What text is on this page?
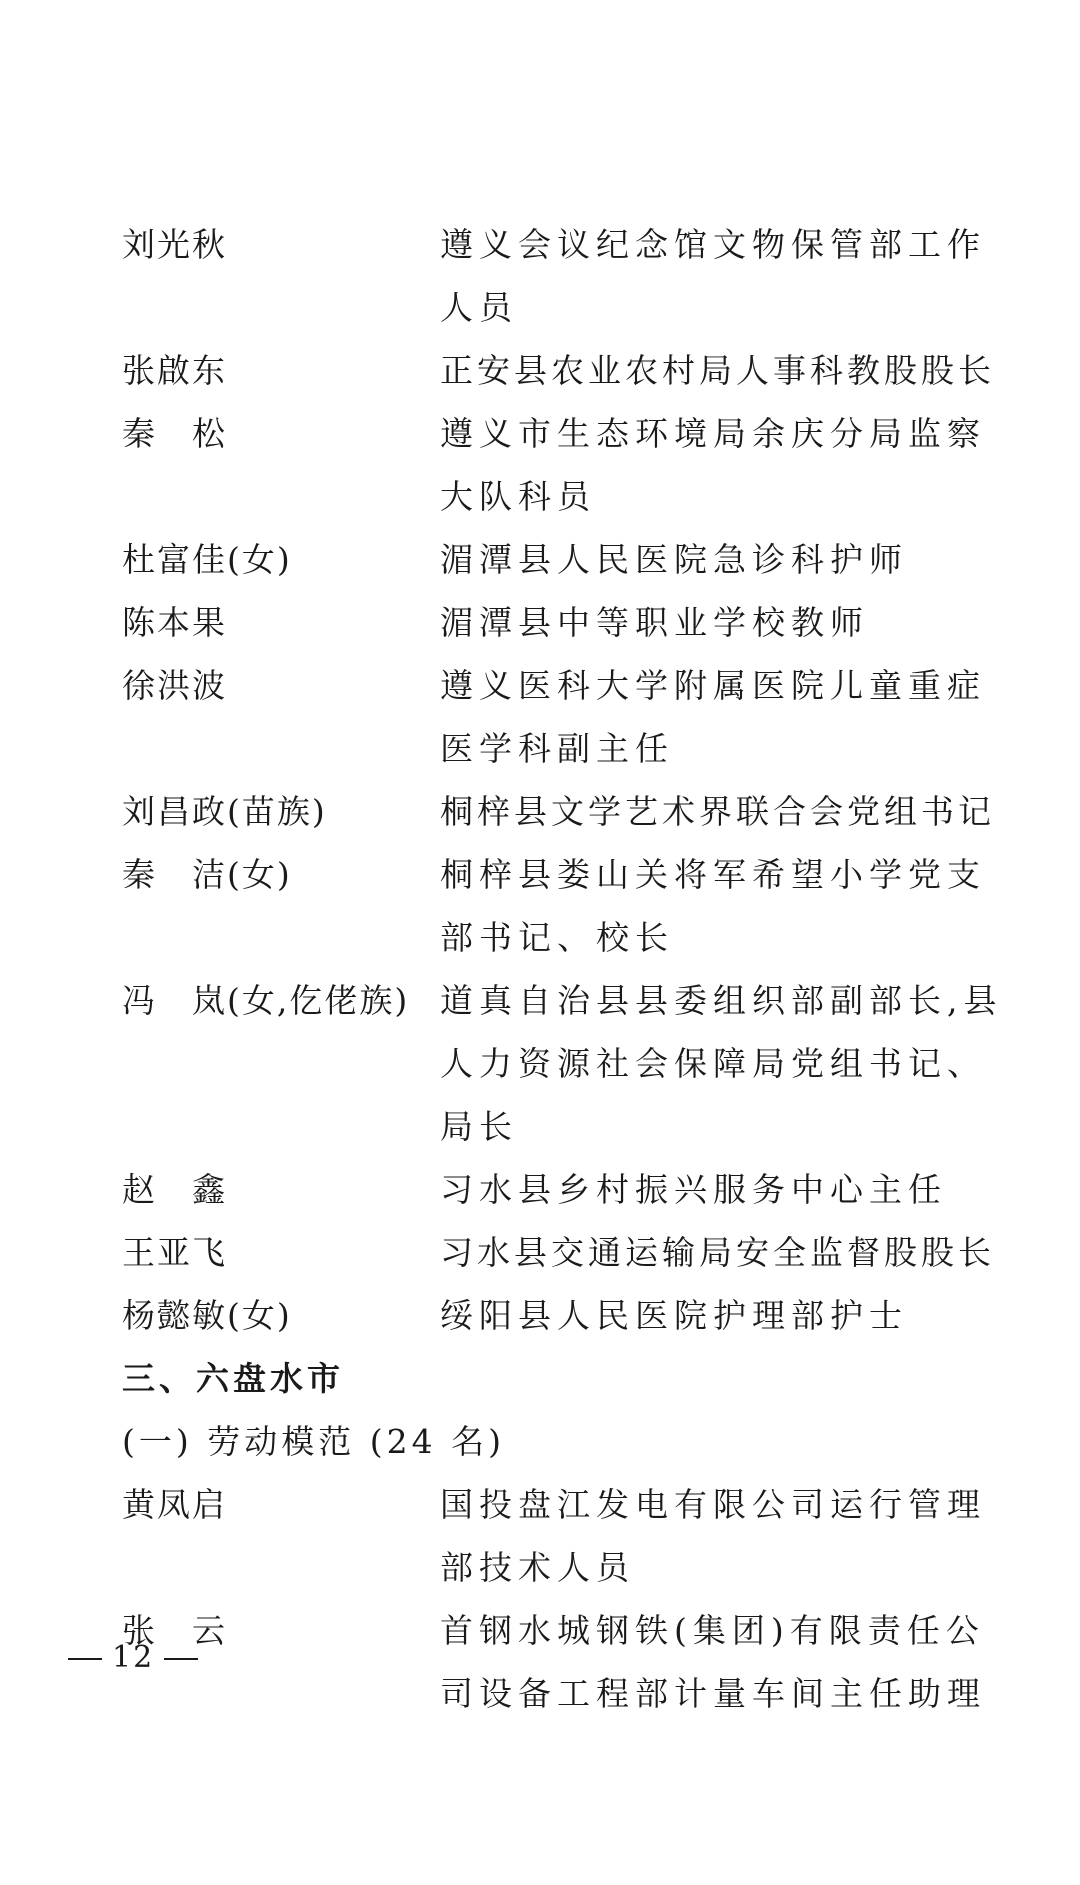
刘光秋	遵义会议纪念馆文物保管部工作人员
张啟东	正安县农业农村局人事科教股股长
秦　松	遵义市生态环境局余庆分局监察大队科员
杜富佳(女)	湄潭县人民医院急诊科护师
陈本果	湄潭县中等职业学校教师
徐洪波	遵义医科大学附属医院儿童重症医学科副主任
刘昌政(苗族)	桐梓县文学艺术界联合会党组书记
秦　洁(女)	桐梓县娄山关将军希望小学党支部书记、校长
冯　岚(女,仡佬族) 道真自治县县委组织部副部长,县人力资源社会保障局党组书记、局长
赵　鑫	习水县乡村振兴服务中心主任
王亚飞	习水县交通运输局安全监督股股长
杨懿敏(女)	绥阳县人民医院护理部护士
三、六盘水市
(一) 劳动模范 (24 名)
黄凤启	国投盘江发电有限公司运行管理部技术人员
张　云	首钢水城钢铁(集团)有限责任公司设备工程部计量车间主任助理
12
